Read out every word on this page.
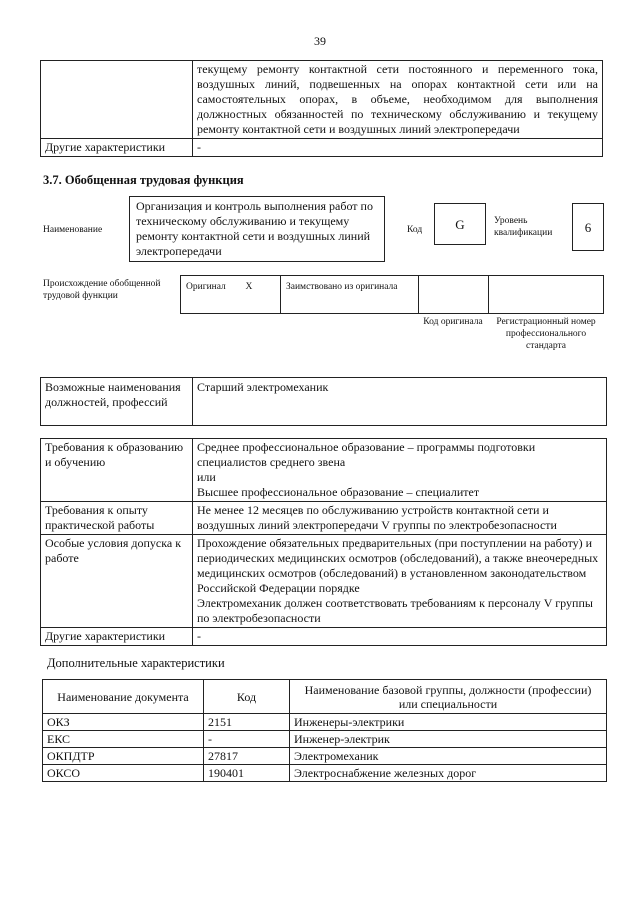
39
	текущему ремонту контактной сети постоянного и переменного тока, воздушных линий, подвешенных на опорах контактной сети или на самостоятельных опорах, в объеме, необходимом для выполнения должностных обязанностей по техническому обслуживанию и текущему ремонту контактной сети и воздушных линий электропередачи
Другие характеристики	-
3.7. Обобщенная трудовая функция
Наименование
Организация и контроль выполнения работ по техническому обслуживанию и текущему ремонту контактной сети и воздушных линий электропередачи
Код	G	Уровень квалификации	6
Происхождение обобщенной трудовой функции
Оригинал	X	Заимствовано из оригинала		
Код оригинала	Регистрационный номер профессионального стандарта
Возможные наименования должностей, профессий	Старший электромеханик
Требования к образованию и обучению	Среднее профессиональное образование – программы подготовки специалистов среднего звена
или
Высшее профессиональное образование – специалитет

Требования к опыту практической работы	Не менее 12 месяцев по обслуживанию устройств контактной сети и воздушных линий электропередачи V группы по электробезопасности

Особые условия допуска к работе	Прохождение обязательных предварительных (при поступлении на работу) и периодических медицинских осмотров (обследований), а также внеочередных медицинских осмотров (обследований) в установленном законодательством Российской Федерации порядке
Электромеханик должен соответствовать требованиям к персоналу V группы по электробезопасности

Другие характеристики	-
Дополнительные характеристики
Наименование документа	Код	Наименование базовой группы, должности (профессии) или специальности
ОКЗ	2151	Инженеры-электрики
ЕКС	-	Инженер-электрик
ОКПДТР	27817	Электромеханик
ОКСО	190401	Электроснабжение железных дорог
